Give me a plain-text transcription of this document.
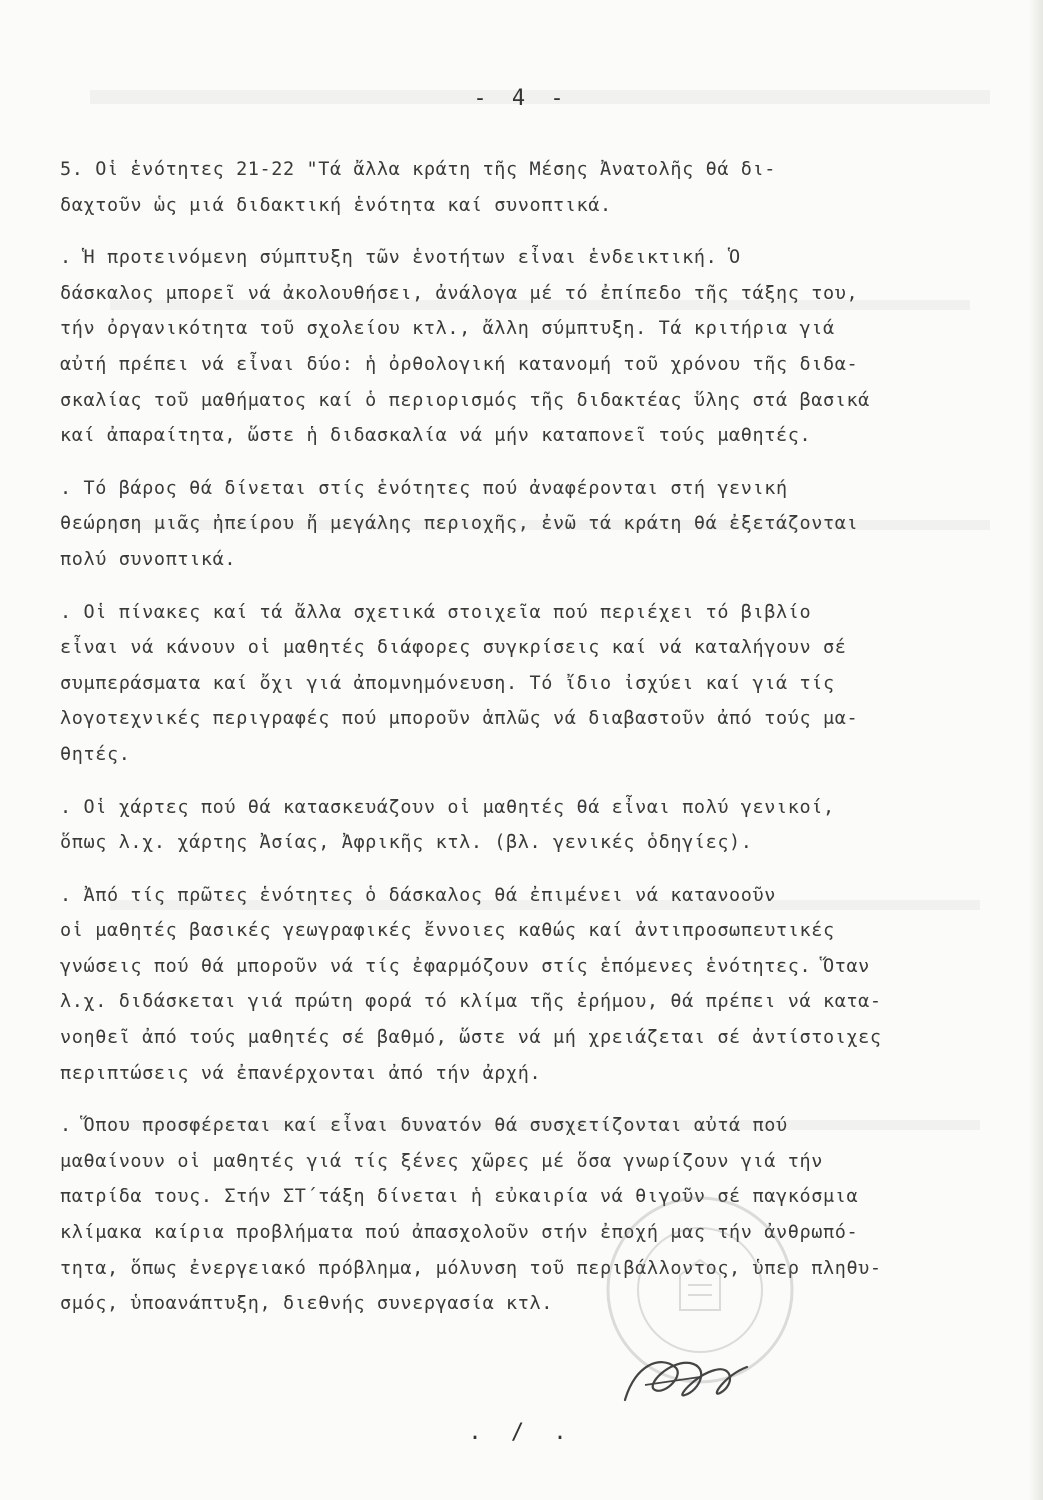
- 4 -
5. Οἱ ἑνότητες 21-22 "Τά ἄλλα κράτη τῆς Μέσης Ἀνατολῆς θά δι-
δαχτοῦν ὡς μιά διδακτική ἑνότητα καί συνοπτικά.
. Ἡ προτεινόμενη σύμπτυξη τῶν ἑνοτήτων εἶναι ἑνδεικτική. Ὁ
δάσκαλος μπορεῖ νά ἀκολουθήσει, ἀνάλογα μέ τό ἐπίπεδο τῆς τάξης του,
τήν ὀργανικότητα τοῦ σχολείου κτλ., ἄλλη σύμπτυξη. Τά κριτήρια γιά
αὐτή πρέπει νά εἶναι δύο: ἡ ὀρθολογική κατανομή τοῦ χρόνου τῆς διδα-
σκαλίας τοῦ μαθήματος καί ὁ περιορισμός τῆς διδακτέας ὕλης στά βασικά
καί ἀπαραίτητα, ὥστε ἡ διδασκαλία νά μήν καταπονεῖ τούς μαθητές.
. Τό βάρος θά δίνεται στίς ἑνότητες πού ἀναφέρονται στή γενική
θεώρηση μιᾶς ἠπείρου ἤ μεγάλης περιοχῆς, ἐνῶ τά κράτη θά ἐξετάζονται
πολύ συνοπτικά.
. Οἱ πίνακες καί τά ἄλλα σχετικά στοιχεῖα πού περιέχει τό βιβλίο
εἶναι νά κάνουν οἱ μαθητές διάφορες συγκρίσεις καί νά καταλήγουν σέ
συμπεράσματα καί ὄχι γιά ἀπομνημόνευση. Τό ἴδιο ἰσχύει καί γιά τίς
λογοτεχνικές περιγραφές πού μποροῦν ἁπλῶς νά διαβαστοῦν ἀπό τούς μα-
θητές.
. Οἱ χάρτες πού θά κατασκευάζουν οἱ μαθητές θά εἶναι πολύ γενικοί,
ὅπως λ.χ. χάρτης Ἀσίας, Ἀφρικῆς κτλ. (βλ. γενικές ὁδηγίες).
. Ἀπό τίς πρῶτες ἑνότητες ὁ δάσκαλος θά ἐπιμένει νά κατανοοῦν
οἱ μαθητές βασικές γεωγραφικές ἔννοιες καθώς καί ἀντιπροσωπευτικές
γνώσεις πού θά μποροῦν νά τίς ἐφαρμόζουν στίς ἑπόμενες ἑνότητες. Ὅταν
λ.χ. διδάσκεται γιά πρώτη φορά τό κλίμα τῆς ἐρήμου, θά πρέπει νά κατα-
νοηθεῖ ἀπό τούς μαθητές σέ βαθμό, ὥστε νά μή χρειάζεται σέ ἀντίστοιχες
περιπτώσεις νά ἐπανέρχονται ἀπό τήν ἀρχή.
. Ὅπου προσφέρεται καί εἶναι δυνατόν θά συσχετίζονται αὐτά πού
μαθαίνουν οἱ μαθητές γιά τίς ξένες χῶρες μέ ὅσα γνωρίζουν γιά τήν
πατρίδα τους. Στήν ΣΤ΄τάξη δίνεται ἡ εὐκαιρία νά θιγοῦν σέ παγκόσμια
κλίμακα καίρια προβλήματα πού ἀπασχολοῦν στήν ἐποχή μας τήν ἀνθρωπό-
τητα, ὅπως ἐνεργειακό πρόβλημα, μόλυνση τοῦ περιβάλλοντος, ὑπερ πληθυ-
σμός, ὑποανάπτυξη, διεθνής συνεργασία κτλ.
. / .
